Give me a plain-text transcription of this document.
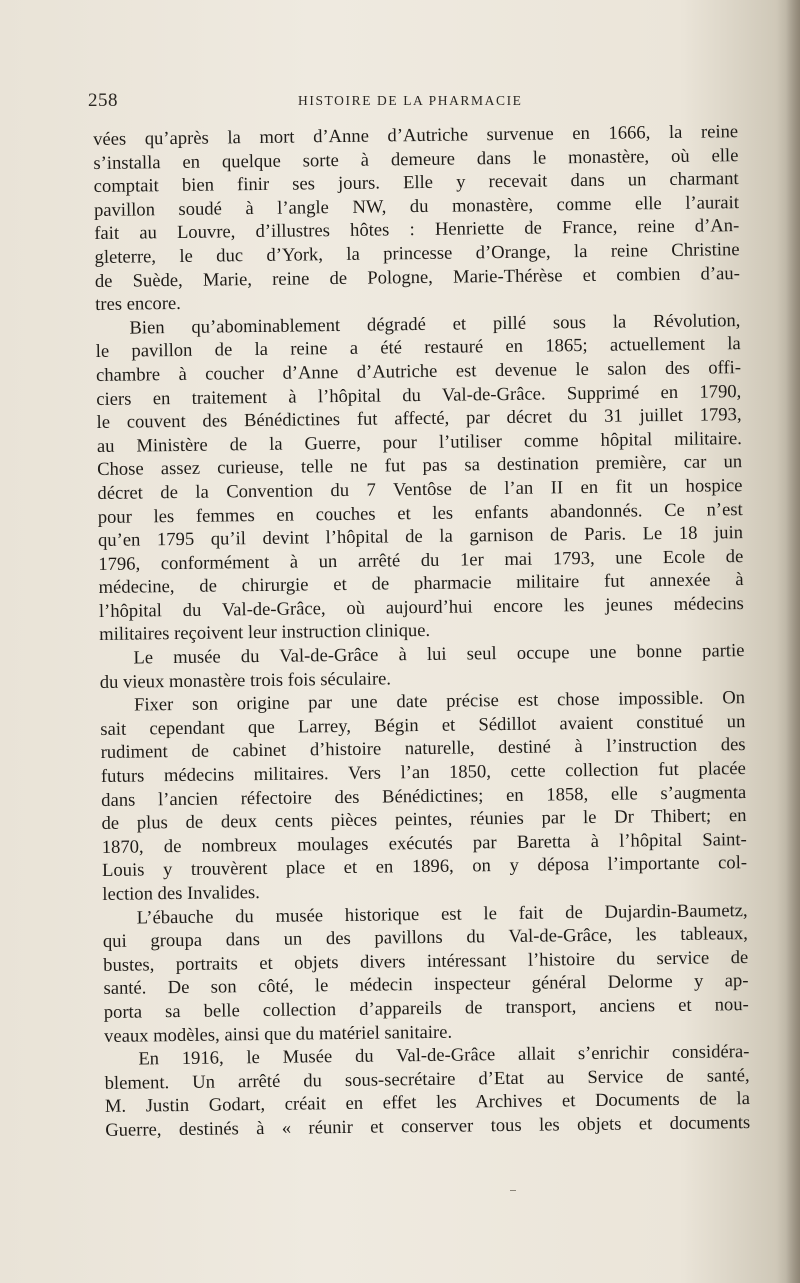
258	HISTOIRE DE LA PHARMACIE
vées qu’après la mort d’Anne d’Autriche survenue en 1666, la reine
s’installa en quelque sorte à demeure dans le monastère, où elle
comptait bien finir ses jours. Elle y recevait dans un charmant
pavillon soudé à l’angle NW, du monastère, comme elle l’aurait
fait au Louvre, d’illustres hôtes : Henriette de France, reine d’An-
gleterre, le duc d’York, la princesse d’Orange, la reine Christine
de Suède, Marie, reine de Pologne, Marie-Thérèse et combien d’au-
tres encore.
Bien qu’abominablement dégradé et pillé sous la Révolution,
le pavillon de la reine a été restauré en 1865; actuellement la
chambre à coucher d’Anne d’Autriche est devenue le salon des offi-
ciers en traitement à l’hôpital du Val-de-Grâce. Supprimé en 1790,
le couvent des Bénédictines fut affecté, par décret du 31 juillet 1793,
au Ministère de la Guerre, pour l’utiliser comme hôpital militaire.
Chose assez curieuse, telle ne fut pas sa destination première, car un
décret de la Convention du 7 Ventôse de l’an II en fit un hospice
pour les femmes en couches et les enfants abandonnés. Ce n’est
qu’en 1795 qu’il devint l’hôpital de la garnison de Paris. Le 18 juin
1796, conformément à un arrêté du 1er mai 1793, une Ecole de
médecine, de chirurgie et de pharmacie militaire fut annexée à
l’hôpital du Val-de-Grâce, où aujourd’hui encore les jeunes médecins
militaires reçoivent leur instruction clinique.
Le musée du Val-de-Grâce à lui seul occupe une bonne partie
du vieux monastère trois fois séculaire.
Fixer son origine par une date précise est chose impossible. On
sait cependant que Larrey, Bégin et Sédillot avaient constitué un
rudiment de cabinet d’histoire naturelle, destiné à l’instruction des
futurs médecins militaires. Vers l’an 1850, cette collection fut placée
dans l’ancien réfectoire des Bénédictines; en 1858, elle s’augmenta
de plus de deux cents pièces peintes, réunies par le Dr Thibert; en
1870, de nombreux moulages exécutés par Baretta à l’hôpital Saint-
Louis y trouvèrent place et en 1896, on y déposa l’importante col-
lection des Invalides.
L’ébauche du musée historique est le fait de Dujardin-Baumetz,
qui groupa dans un des pavillons du Val-de-Grâce, les tableaux,
bustes, portraits et objets divers intéressant l’histoire du service de
santé. De son côté, le médecin inspecteur général Delorme y ap-
porta sa belle collection d’appareils de transport, anciens et nou-
veaux modèles, ainsi que du matériel sanitaire.
En 1916, le Musée du Val-de-Grâce allait s’enrichir considéra-
blement. Un arrêté du sous-secrétaire d’Etat au Service de santé,
M. Justin Godart, créait en effet les Archives et Documents de la
Guerre, destinés à « réunir et conserver tous les objets et documents
